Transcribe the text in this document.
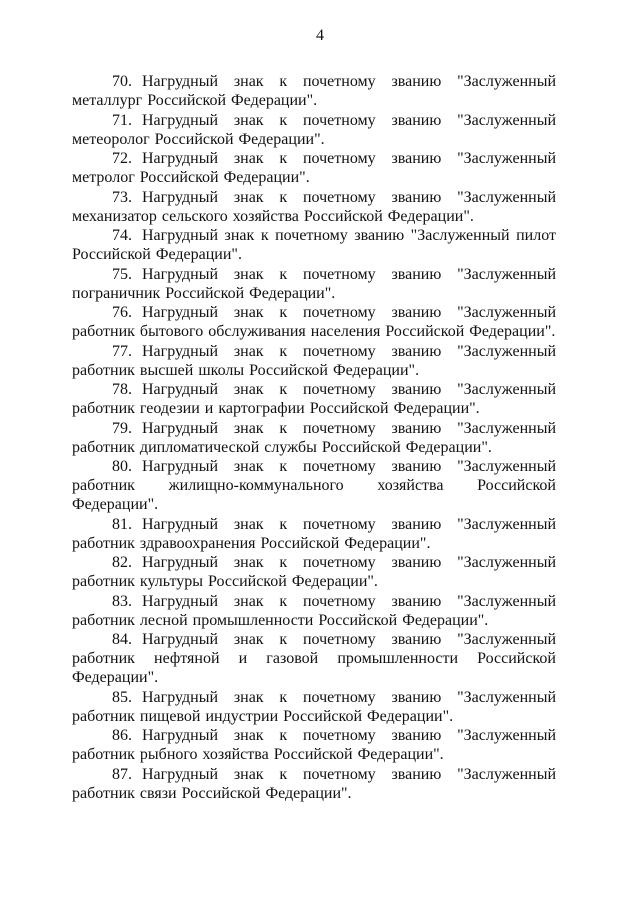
4

70. Нагрудный знак к почетному званию "Заслуженный металлург Российской Федерации".

71. Нагрудный знак к почетному званию "Заслуженный метеоролог Российской Федерации".

72. Нагрудный знак к почетному званию "Заслуженный метролог Российской Федерации".

73. Нагрудный знак к почетному званию "Заслуженный механизатор сельского хозяйства Российской Федерации".

74. Нагрудный знак к почетному званию "Заслуженный пилот Российской Федерации".

75. Нагрудный знак к почетному званию "Заслуженный пограничник Российской Федерации".

76. Нагрудный знак к почетному званию "Заслуженный работник бытового обслуживания населения Российской Федерации".

77. Нагрудный знак к почетному званию "Заслуженный работник высшей школы Российской Федерации".

78. Нагрудный знак к почетному званию "Заслуженный работник геодезии и картографии Российской Федерации".

79. Нагрудный знак к почетному званию "Заслуженный работник дипломатической службы Российской Федерации".

80. Нагрудный знак к почетному званию "Заслуженный работник жилищно-коммунального хозяйства Российской Федерации".

81. Нагрудный знак к почетному званию "Заслуженный работник здравоохранения Российской Федерации".

82. Нагрудный знак к почетному званию "Заслуженный работник культуры Российской Федерации".

83. Нагрудный знак к почетному званию "Заслуженный работник лесной промышленности Российской Федерации".

84. Нагрудный знак к почетному званию "Заслуженный работник нефтяной и газовой промышленности Российской Федерации".

85. Нагрудный знак к почетному званию "Заслуженный работник пищевой индустрии Российской Федерации".

86. Нагрудный знак к почетному званию "Заслуженный работник рыбного хозяйства Российской Федерации".

87. Нагрудный знак к почетному званию "Заслуженный работник связи Российской Федерации".
